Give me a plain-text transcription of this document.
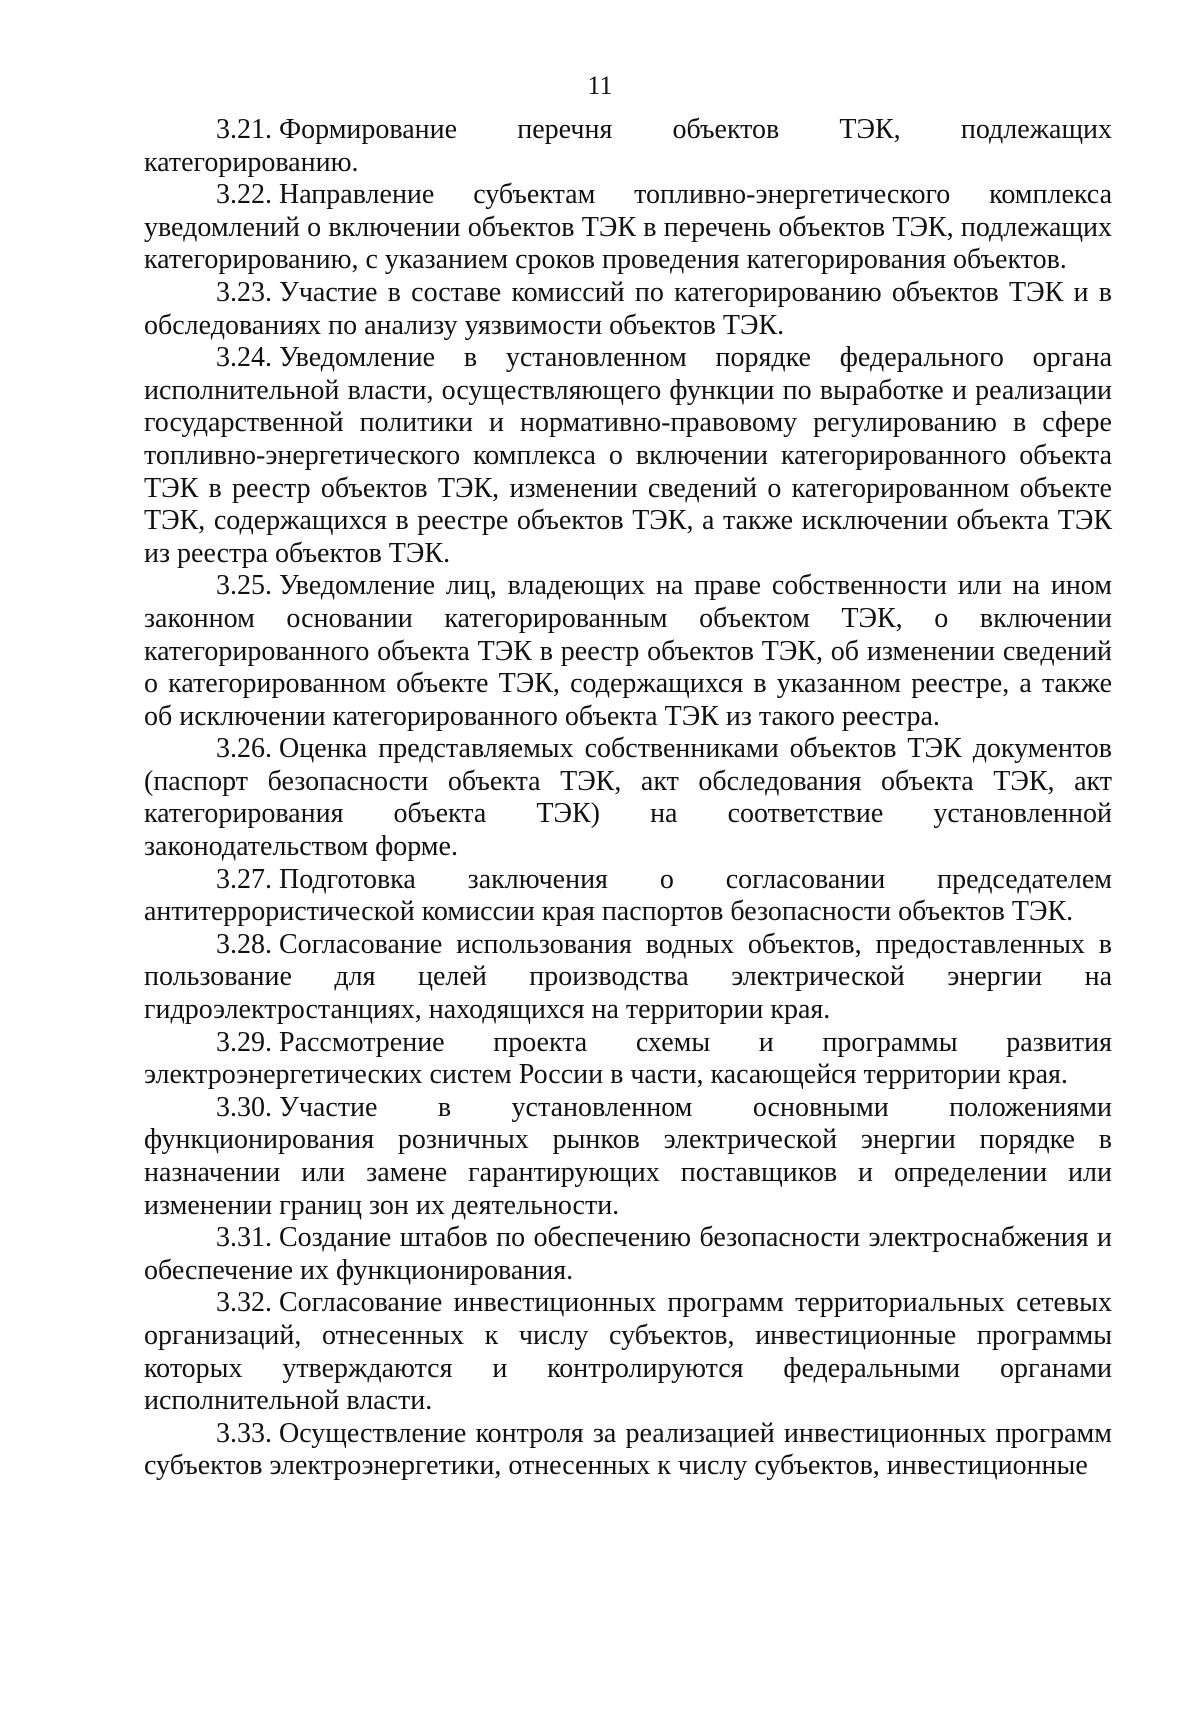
11

3.21. Формирование перечня объектов ТЭК, подлежащих категорированию.

3.22. Направление субъектам топливно-энергетического комплекса уведомлений о включении объектов ТЭК в перечень объектов ТЭК, подлежащих категорированию, с указанием сроков проведения категорирования объектов.

3.23. Участие в составе комиссий по категорированию объектов ТЭК и в обследованиях по анализу уязвимости объектов ТЭК.

3.24. Уведомление в установленном порядке федерального органа исполнительной власти, осуществляющего функции по выработке и реализации государственной политики и нормативно-правовому регулированию в сфере топливно-энергетического комплекса о включении категорированного объекта ТЭК в реестр объектов ТЭК, изменении сведений о категорированном объекте ТЭК, содержащихся в реестре объектов ТЭК, а также исключении объекта ТЭК из реестра объектов ТЭК.

3.25. Уведомление лиц, владеющих на праве собственности или на ином законном основании категорированным объектом ТЭК, о включении категорированного объекта ТЭК в реестр объектов ТЭК, об изменении сведений о категорированном объекте ТЭК, содержащихся в указанном реестре, а также об исключении категорированного объекта ТЭК из такого реестра.

3.26. Оценка представляемых собственниками объектов ТЭК документов (паспорт безопасности объекта ТЭК, акт обследования объекта ТЭК, акт категорирования объекта ТЭК) на соответствие установленной законодательством форме.

3.27. Подготовка заключения о согласовании председателем антитеррористической комиссии края паспортов безопасности объектов ТЭК.

3.28. Согласование использования водных объектов, предоставленных в пользование для целей производства электрической энергии на гидроэлектростанциях, находящихся на территории края.

3.29. Рассмотрение проекта схемы и программы развития электроэнергетических систем России в части, касающейся территории края.

3.30. Участие в установленном основными положениями функционирования розничных рынков электрической энергии порядке в назначении или замене гарантирующих поставщиков и определении или изменении границ зон их деятельности.

3.31. Создание штабов по обеспечению безопасности электроснабжения и обеспечение их функционирования.

3.32. Согласование инвестиционных программ территориальных сетевых организаций, отнесенных к числу субъектов, инвестиционные программы которых утверждаются и контролируются федеральными органами исполнительной власти.

3.33. Осуществление контроля за реализацией инвестиционных программ субъектов электроэнергетики, отнесенных к числу субъектов, инвестиционные
